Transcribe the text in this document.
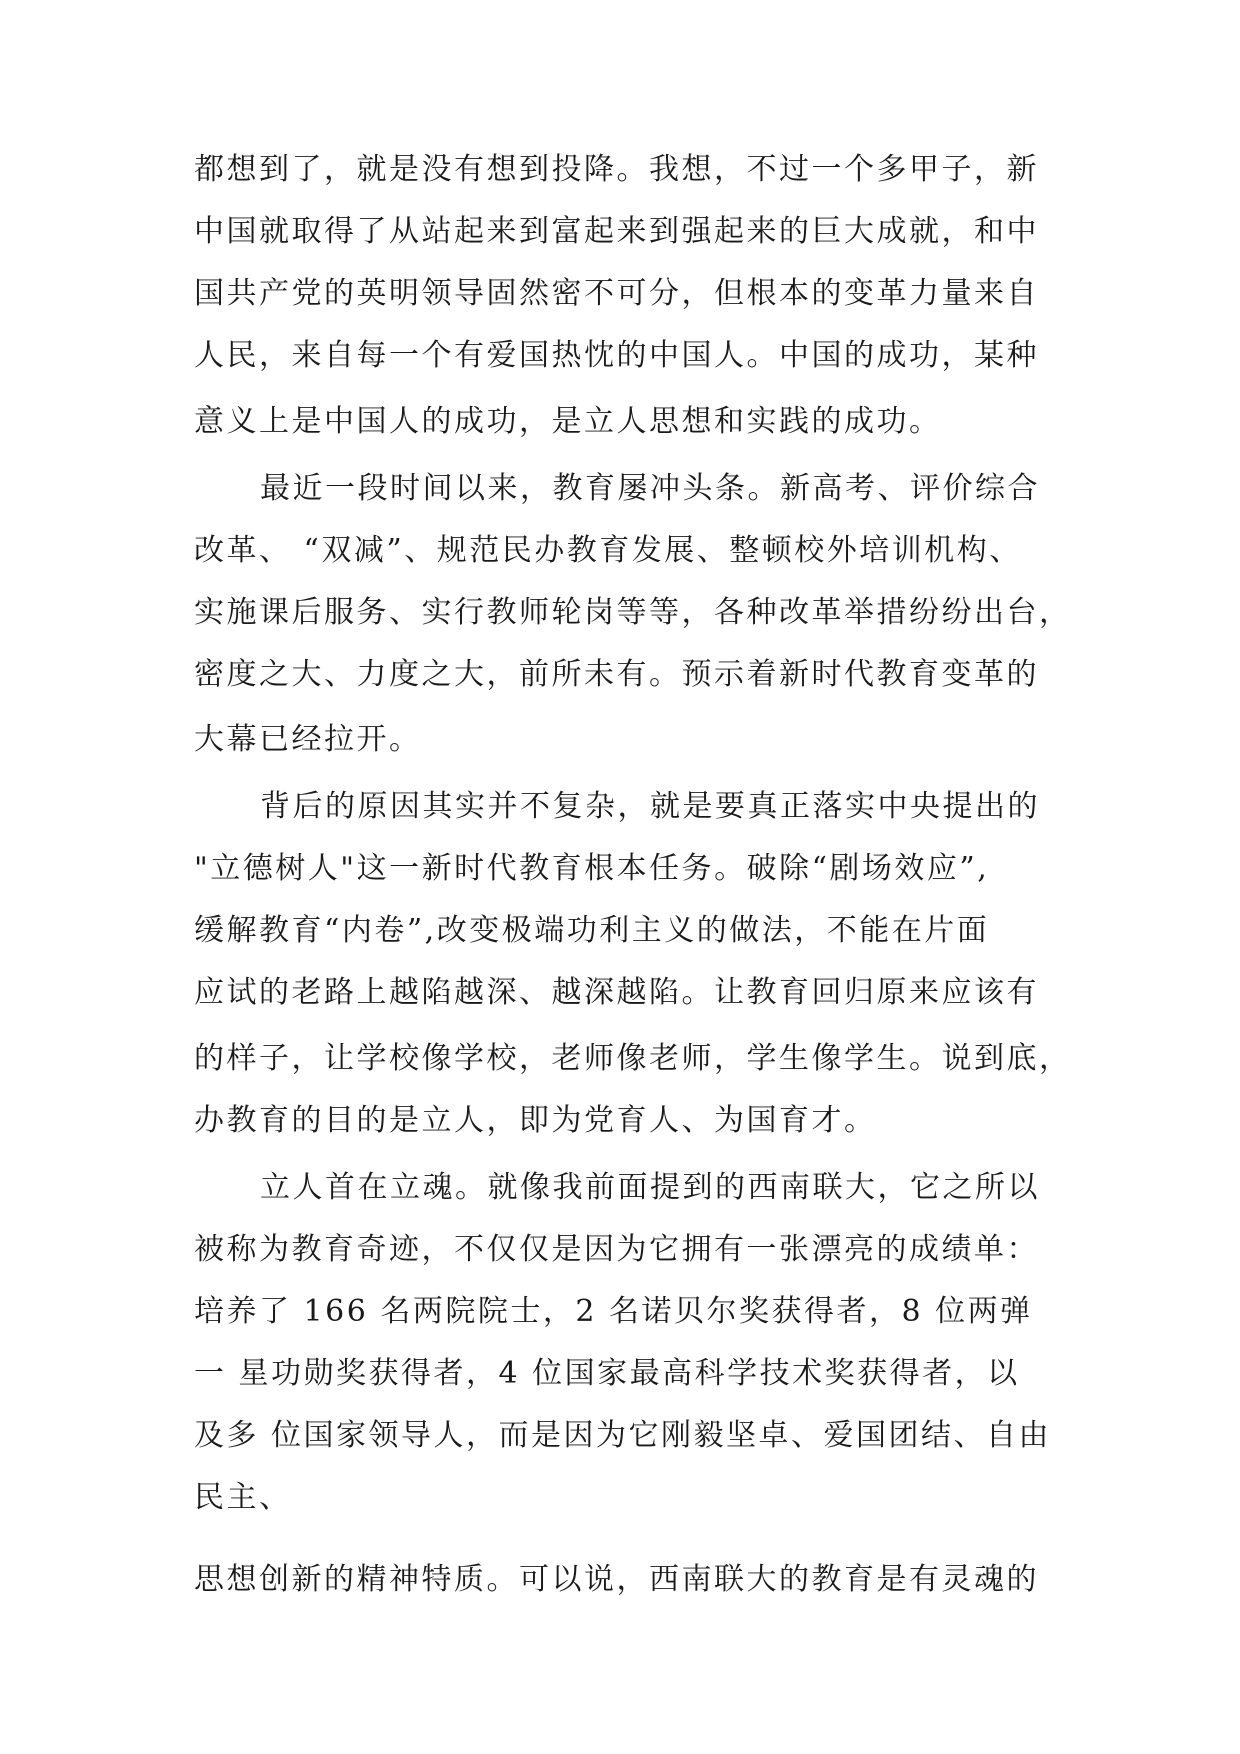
都想到了，就是没有想到投降。我想，不过一个多甲子，新
中国就取得了从站起来到富起来到强起来的巨大成就，和中
国共产党的英明领导固然密不可分，但根本的变革力量来自
人民，来自每一个有爱国热忱的中国人。中国的成功，某种
意义上是中国人的成功，是立人思想和实践的成功。
最近一段时间以来，教育屡冲头条。新高考、评价综合
改革、 “双减”、规范民办教育发展、整顿校外培训机构、
实施课后服务、实行教师轮岗等等，各种改革举措纷纷出台，
密度之大、力度之大，前所未有。预示着新时代教育变革的
大幕已经拉开。
背后的原因其实并不复杂，就是要真正落实中央提出的
"立德树人"这一新时代教育根本任务。破除“剧场效应”,
缓解教育“内卷”,改变极端功利主义的做法，不能在片面
应试的老路上越陷越深、越深越陷。让教育回归原来应该有
的样子，让学校像学校，老师像老师，学生像学生。说到底，
办教育的目的是立人，即为党育人、为国育才。
立人首在立魂。就像我前面提到的西南联大，它之所以
被称为教育奇迹，不仅仅是因为它拥有一张漂亮的成绩单：
培养了 166 名两院院士，2 名诺贝尔奖获得者，8 位两弹
一 星功勋奖获得者，4 位国家最高科学技术奖获得者，以
及多 位国家领导人，而是因为它刚毅坚卓、爱国团结、自由
民主、
思想创新的精神特质。可以说，西南联大的教育是有灵魂的
